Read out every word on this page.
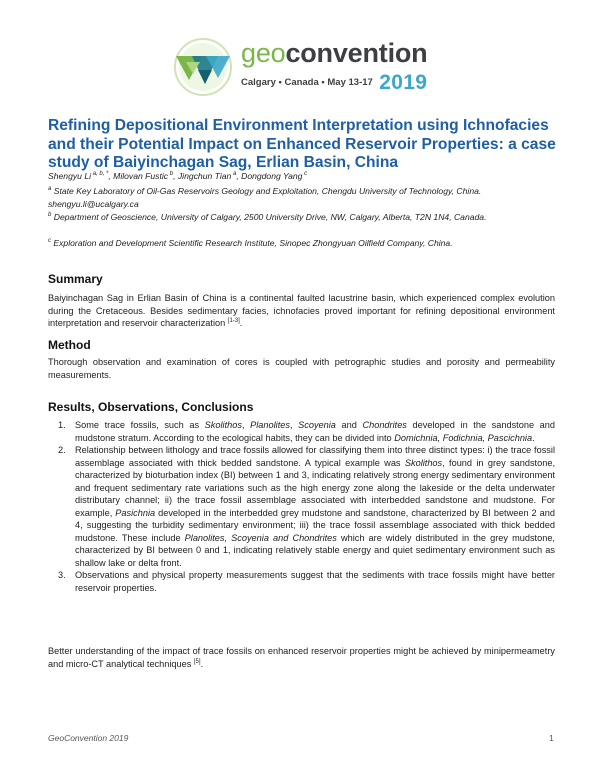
geoconvention
Calgary • Canada • May 13-17 2019
Refining Depositional Environment Interpretation using Ichnofacies and their Potential Impact on Enhanced Reservoir Properties: a case study of Baiyinchagan Sag, Erlian Basin, China
Shengyu Li $^{a, b, *}$, Milovan Fustic $^b$, Jingchun Tian $^a$, Dongdong Yang $^c$

$^a$ State Key Laboratory of Oil-Gas Reservoirs Geology and Exploitation, Chengdu University of Technology, China. shengyu.li@ucalgary.ca

$^b$ Department of Geoscience, University of Calgary, 2500 University Drive, NW, Calgary, Alberta, T2N 1N4, Canada.

$^c$ Exploration and Development Scientific Research Institute, Sinopec Zhongyuan Oilfield Company, China.

Summary

Baiyinchagan Sag in Erlian Basin of China is a continental faulted lacustrine basin, which experienced complex evolution during the Cretaceous. Besides sedimentary facies, ichnofacies proved important for refining depositional environment interpretation and reservoir characterization [1-3].

Method

Thorough observation and examination of cores is coupled with petrographic studies and porosity and permeability measurements.

Results, Observations, Conclusions
1. Some trace fossils, such as Skolithos, Planolites, Scoyenia and Chondrites developed in the sandstone and mudstone stratum. According to the ecological habits, they can be divided into Domichnia, Fodichnia, Pascichnia.
2. Relationship between lithology and trace fossils allowed for classifying them into three distinct types: i) the trace fossil assemblage associated with thick bedded sandstone. A typical example was Skolithos, found in grey sandstone, characterized by bioturbation index (BI) between 1 and 3, indicating relatively strong energy sedimentary environment and frequent sedimentary rate variations such as the high energy zone along the lakeside or the delta underwater distributary channel; ii) the trace fossil assemblage associated with interbedded sandstone and mudstone. For example, Pasichnia developed in the interbedded grey mudstone and sandstone, characterized by BI between 2 and 4, suggesting the turbidity sedimentary environment; iii) the trace fossil assemblage associated with thick bedded mudstone. These include Planolites, Scoyenia and Chondrites which are widely distributed in the grey mudstone, characterized by BI between 0 and 1, indicating relatively stable energy and quiet sedimentary environment such as shallow lake or delta front.
3. Observations and physical property measurements suggest that the sediments with trace fossils might have better reservoir properties.

Better understanding of the impact of trace fossils on enhanced reservoir properties might be achieved by minipermeametry and micro-CT analytical techniques [5].

GeoConvention 2019	1
